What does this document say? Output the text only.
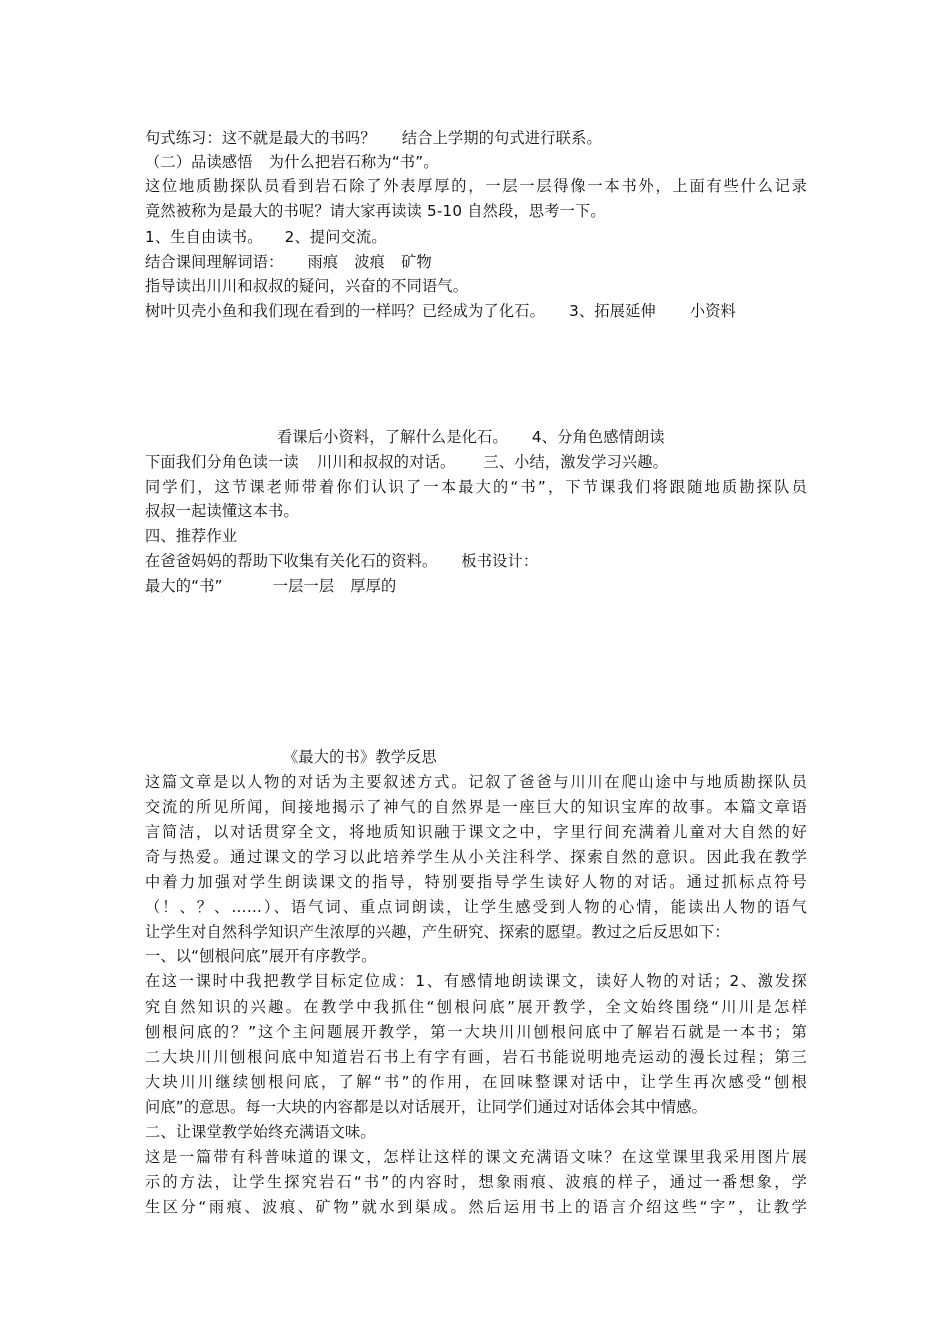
句式练习：这不就是最大的书吗？ 结合上学期的句式进行联系。
（二）品读感悟 为什么把岩石称为“书”。
这位地质勘探队员看到岩石除了外表厚厚的，一层一层得像一本书外，上面有些什么记录
竟然被称为是最大的书呢？请大家再读读 5-10 自然段，思考一下。
1、生自由读书。 2、提问交流。
结合课间理解词语： 雨痕 波痕 矿物
指导读出川川和叔叔的疑问，兴奋的不同语气。
树叶贝壳小鱼和我们现在看到的一样吗？已经成为了化石。 3、拓展延伸 小资料
看课后小资料，了解什么是化石。 4、分角色感情朗读
下面我们分角色读一读 川川和叔叔的对话。 三、小结，激发学习兴趣。
同学们，这节课老师带着你们认识了一本最大的“书”，下节课我们将跟随地质勘探队员
叔叔一起读懂这本书。
四、推荐作业
在爸爸妈妈的帮助下收集有关化石的资料。 板书设计：
最大的“书”	一层一层 厚厚的
《最大的书》教学反思
这篇文章是以人物的对话为主要叙述方式。记叙了爸爸与川川在爬山途中与地质勘探队员
交流的所见所闻，间接地揭示了神气的自然界是一座巨大的知识宝库的故事。本篇文章语
言简洁，以对话贯穿全文，将地质知识融于课文之中，字里行间充满着儿童对大自然的好
奇与热爱。通过课文的学习以此培养学生从小关注科学、探索自然的意识。因此我在教学
中着力加强对学生朗读课文的指导，特别要指导学生读好人物的对话。通过抓标点符号
（！、？、……）、语气词、重点词朗读，让学生感受到人物的心情，能读出人物的语气
让学生对自然科学知识产生浓厚的兴趣，产生研究、探索的愿望。教过之后反思如下：
一、以“刨根问底”展开有序教学。
在这一课时中我把教学目标定位成：1、有感情地朗读课文，读好人物的对话；2、激发探
究自然知识的兴趣。在教学中我抓住“刨根问底”展开教学，全文始终围绕“川川是怎样
刨根问底的？”这个主问题展开教学，第一大块川川刨根问底中了解岩石就是一本书；第
二大块川川刨根问底中知道岩石书上有字有画，岩石书能说明地壳运动的漫长过程；第三
大块川川继续刨根问底，了解“书”的作用，在回味整课对话中，让学生再次感受“刨根
问底”的意思。每一大块的内容都是以对话展开，让同学们通过对话体会其中情感。
二、让课堂教学始终充满语文味。
这是一篇带有科普味道的课文，怎样让这样的课文充满语文味？在这堂课里我采用图片展
示的方法，让学生探究岩石“书”的内容时，想象雨痕、波痕的样子，通过一番想象，学
生区分“雨痕、波痕、矿物”就水到渠成。然后运用书上的语言介绍这些“字”，让教学
